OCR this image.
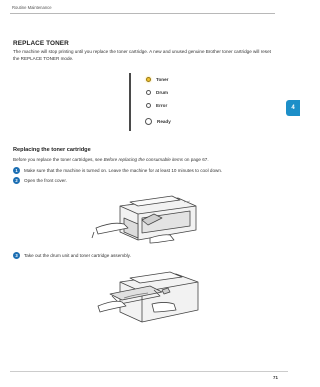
Routine Maintenance
4
REPLACE TONER
The machine will stop printing until you replace the toner cartridge. A new and unused genuine Brother toner cartridge will reset the REPLACE TONER mode.
Toner
Drum
Error
Ready
Replacing the toner cartridge
Before you replace the toner cartridges, see Before replacing the consumable items on page 67.
1	Make sure that the machine is turned on. Leave the machine for at least 10 minutes to cool down.
2	Open the front cover.
3	Take out the drum unit and toner cartridge assembly.
71
